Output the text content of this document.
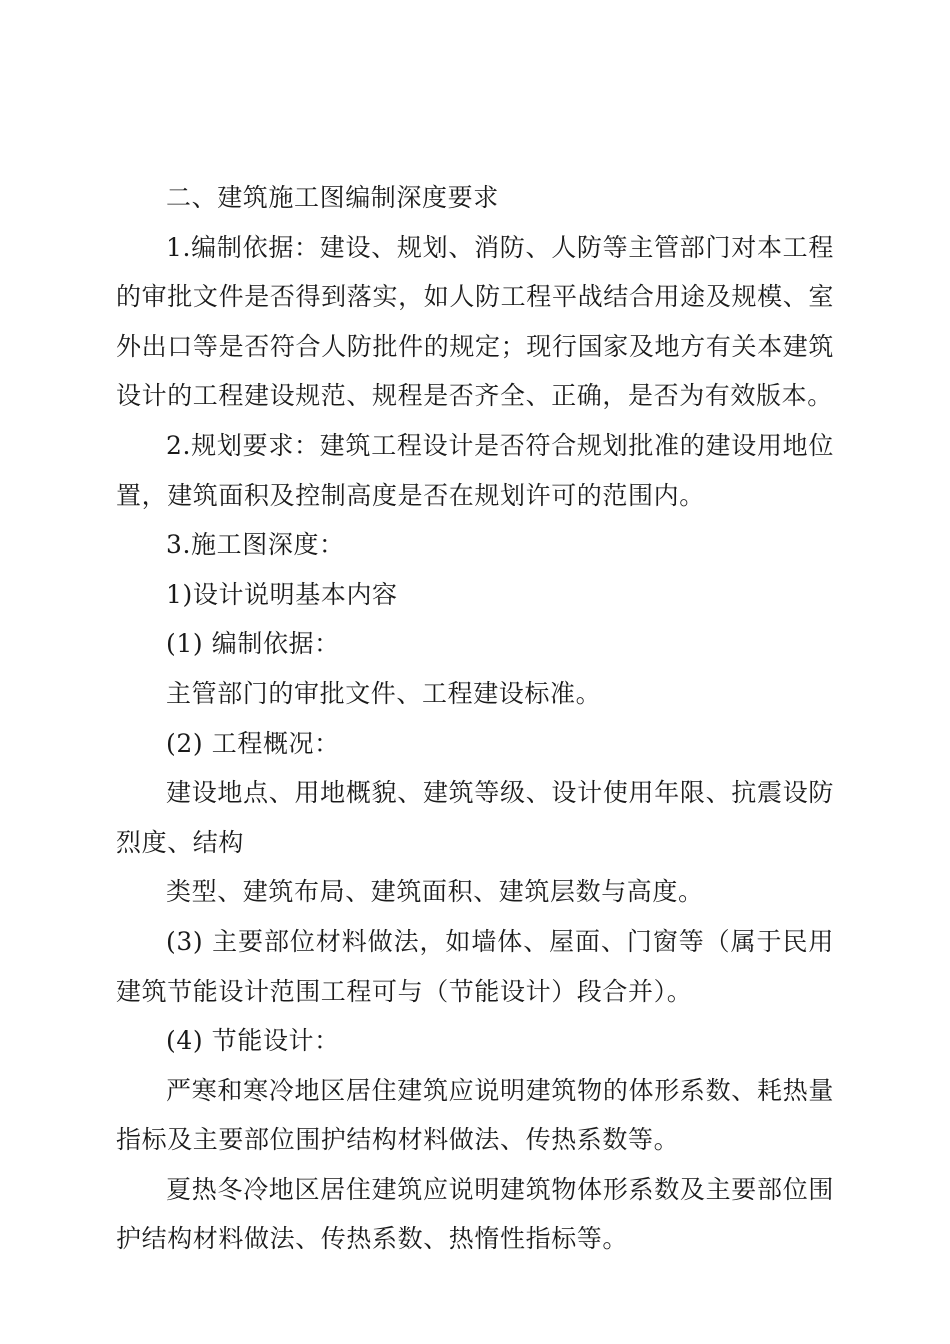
二、建筑施工图编制深度要求

1.编制依据：建设、规划、消防、人防等主管部门对本工程的审批文件是否得到落实，如人防工程平战结合用途及规模、室外出口等是否符合人防批件的规定；现行国家及地方有关本建筑设计的工程建设规范、规程是否齐全、正确，是否为有效版本。

2.规划要求：建筑工程设计是否符合规划批准的建设用地位置，建筑面积及控制高度是否在规划许可的范围内。

3.施工图深度：

1)设计说明基本内容

(1) 编制依据：

主管部门的审批文件、工程建设标准。

(2) 工程概况：

建设地点、用地概貌、建筑等级、设计使用年限、抗震设防烈度、结构

类型、建筑布局、建筑面积、建筑层数与高度。

(3) 主要部位材料做法，如墙体、屋面、门窗等（属于民用建筑节能设计范围工程可与（节能设计）段合并）。

(4) 节能设计：

严寒和寒冷地区居住建筑应说明建筑物的体形系数、耗热量指标及主要部位围护结构材料做法、传热系数等。

夏热冬冷地区居住建筑应说明建筑物体形系数及主要部位围护结构材料做法、传热系数、热惰性指标等。
